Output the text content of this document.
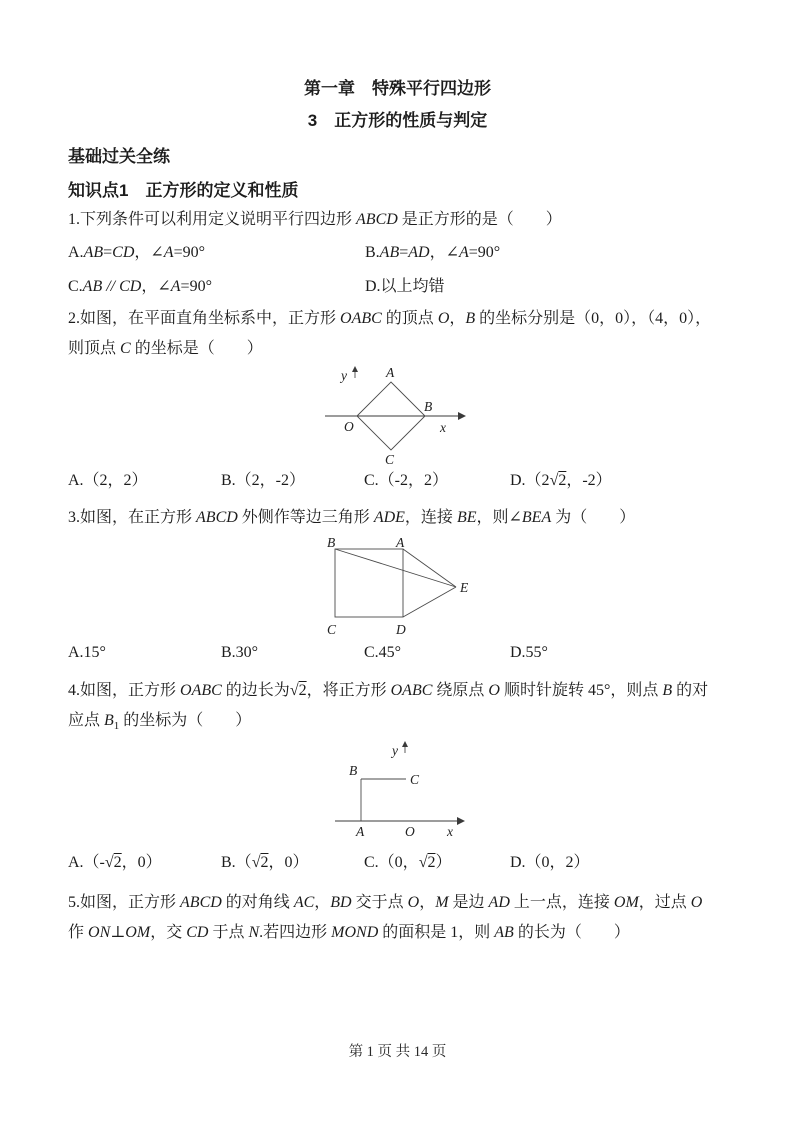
第一章　特殊平行四边形
3　正方形的性质与判定
基础过关全练
知识点1　正方形的定义和性质
1.下列条件可以利用定义说明平行四边形 ABCD 是正方形的是（　　）
A.AB=CD，∠A=90°	B.AB=AD，∠A=90°
C.AB // CD，∠A=90°	D.以上均错
2.如图，在平面直角坐标系中，正方形 OABC 的顶点 O，B 的坐标分别是（0，0），（4，0），
则顶点 C 的坐标是（　　）
y
x
O
A
B
C
A.（2，2）	B.（2，-2）	C.（-2，2）	D.（2√2，-2）
3.如图，在正方形 ABCD 外侧作等边三角形 ADE，连接 BE，则∠BEA 为（　　）
B	A
C	D
E
A.15°	B.30°	C.45°	D.55°
4.如图，正方形 OABC 的边长为√2，将正方形 OABC 绕原点 O 顺时针旋转 45°，则点 B 的对
应点 $B_1$ 的坐标为（　　）
y
x
B
C
A	O
A.（-√2，0）	B.（√2，0）	C.（0，√2）	D.（0，2）
5.如图，正方形 ABCD 的对角线 AC，BD 交于点 O，M 是边 AD 上一点，连接 OM，过点 O
作 ON⊥OM，交 CD 于点 N.若四边形 MOND 的面积是 1，则 AB 的长为（　　）
第 1 页 共 14 页
